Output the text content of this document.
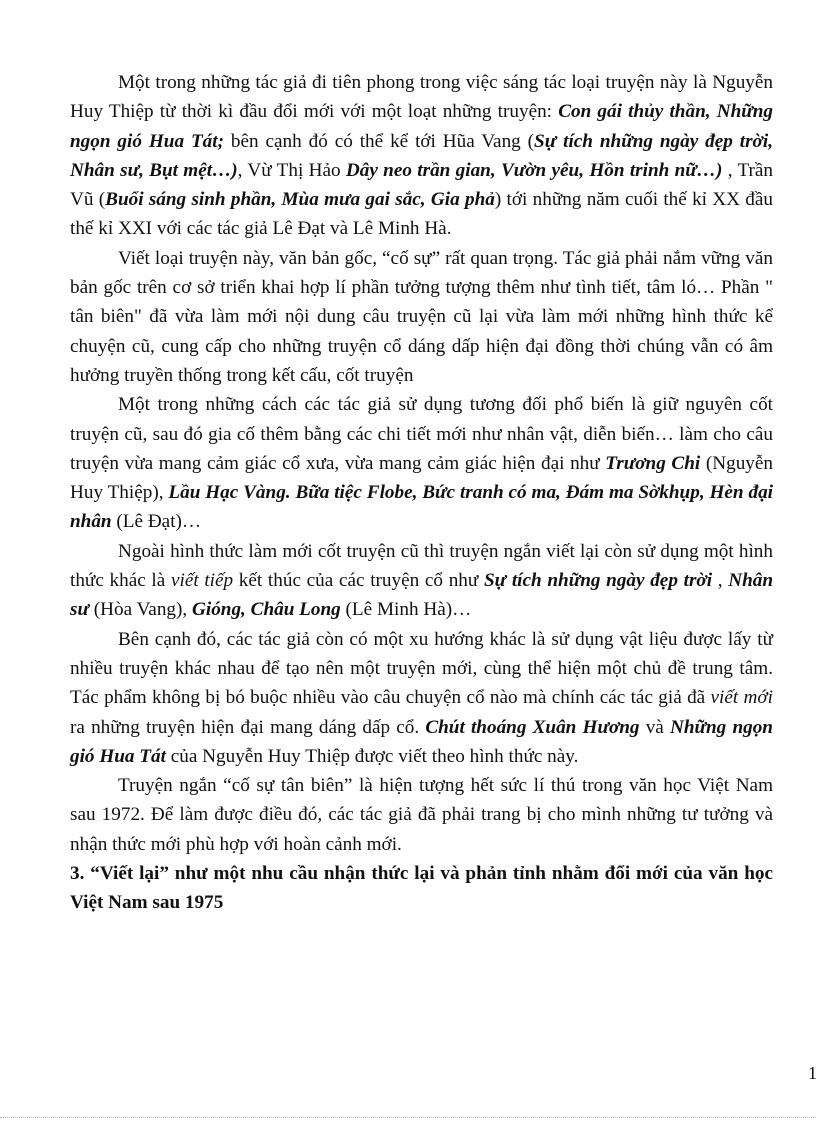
Một trong những tác giả đi tiên phong trong việc sáng tác loại truyện này là Nguyễn Huy Thiệp từ thời kì đầu đổi mới với một loạt những truyện: Con gái thủy thần, Những ngọn gió Hua Tát; bên cạnh đó có thể kể tới Hũa Vang (Sự tích những ngày đẹp trời, Nhân sư, Bụt mệt…), Vừ Thị Hảo Dây neo trần gian, Vườn yêu, Hồn trinh nữ…) , Trần Vũ (Buổi sáng sinh phần, Mùa mưa gai sắc, Gia phả) tới những năm cuối thế kỉ XX đầu thế kỉ XXI với các tác giả Lê Đạt và Lê Minh Hà.

Viết loại truyện này, văn bản gốc, “cố sự” rất quan trọng. Tác giả phải nắm vững văn bản gốc trên cơ sở triển khai hợp lí phần tưởng tượng thêm như tình tiết, tâm ló… Phần " tân biên" đã vừa làm mới nội dung câu truyện cũ lại vừa làm mới những hình thức kể chuyện cũ, cung cấp cho những truyện cổ dáng dấp hiện đại đồng thời chúng vẫn có âm hưởng truyền thống trong kết cấu, cốt truyện

Một trong những cách các tác giả sử dụng tương đối phổ biến là giữ nguyên cốt truyện cũ, sau đó gia cố thêm bằng các chi tiết mới như nhân vật, diễn biến… làm cho câu truyện vừa mang cảm giác cổ xưa, vừa mang cảm giác hiện đại như Trương Chi (Nguyễn Huy Thiệp), Lầu Hạc Vàng. Bữa tiệc Flobe, Bức tranh có ma, Đám ma Sờkhụp, Hèn đại nhân (Lê Đạt)…

Ngoài hình thức làm mới cốt truyện cũ thì truyện ngắn viết lại còn sử dụng một hình thức khác là viết tiếp kết thúc của các truyện cổ như Sự tích những ngày đẹp trời , Nhân sư (Hòa Vang), Gióng, Châu Long (Lê Minh Hà)…

Bên cạnh đó, các tác giả còn có một xu hướng khác là sử dụng vật liệu được lấy từ nhiều truyện khác nhau để tạo nên một truyện mới, cùng thể hiện một chủ đề trung tâm. Tác phẩm không bị bó buộc nhiều vào câu chuyện cổ nào mà chính các tác giả đã viết mới ra những truyện hiện đại mang dáng dấp cổ. Chút thoáng Xuân Hương và Những ngọn gió Hua Tát của Nguyễn Huy Thiệp được viết theo hình thức này.

Truyện ngắn “cố sự tân biên” là hiện tượng hết sức lí thú trong văn học Việt Nam sau 1972. Để làm được điều đó, các tác giả đã phải trang bị cho mình những tư tưởng và nhận thức mới phù hợp với hoàn cảnh mới.

3. “Viết lại” như một nhu cầu nhận thức lại và phản tỉnh nhằm đổi mới của văn học Việt Nam sau 1975
1
